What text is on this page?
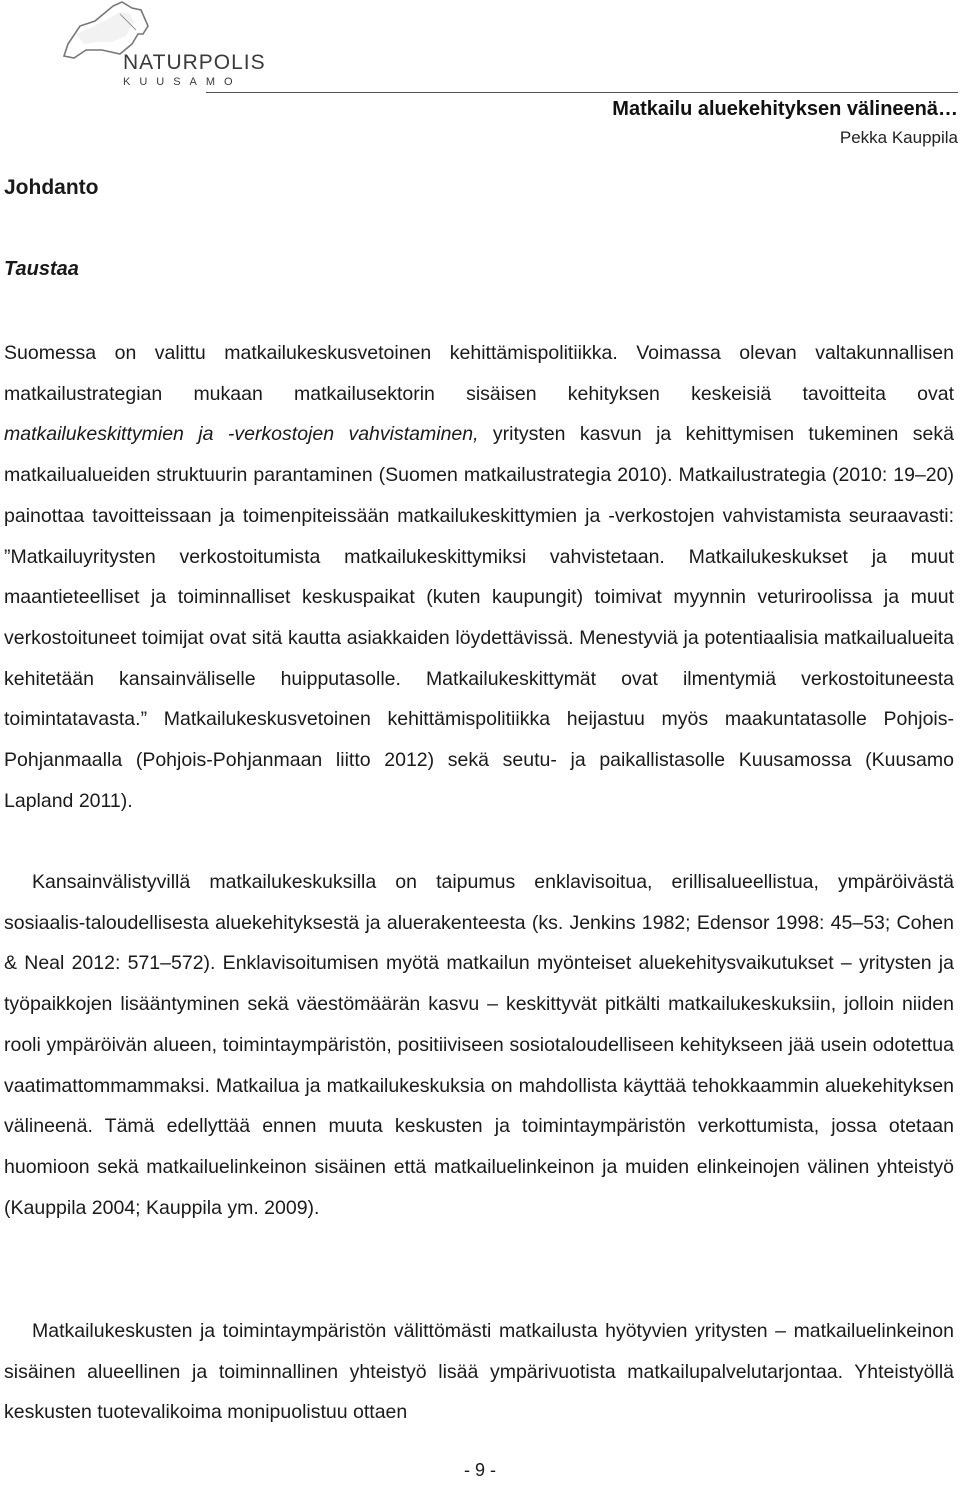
NATURPOLIS
KUUSAMO
Matkailu aluekehityksen välineenä…
Pekka Kauppila
Johdanto
Taustaa

Suomessa on valittu matkailukeskusvetoinen kehittämispolitiikka. Voimassa olevan valtakunnallisen matkailustrategian mukaan matkailusektorin sisäisen kehityksen keskeisiä tavoitteita ovat matkailukeskittymien ja -verkostojen vahvistaminen, yritysten kasvun ja kehittymisen tukeminen sekä matkailualueiden struktuurin parantaminen (Suomen matkailustrategia 2010). Matkailustrategia (2010: 19–20) painottaa tavoitteissaan ja toimenpiteissään matkailukeskittymien ja -verkostojen vahvistamista seuraavasti: ”Matkailuyritysten verkostoitumista matkailukeskittymiksi vahvistetaan. Matkailukeskukset ja muut maantieteelliset ja toiminnalliset keskuspaikat (kuten kaupungit) toimivat myynnin veturiroolissa ja muut verkostoituneet toimijat ovat sitä kautta asiakkaiden löydettävissä. Menestyviä ja potentiaalisia matkailualueita kehitetään kansainväliselle huipputasolle. Matkailukeskittymät ovat ilmentymiä verkostoituneesta toimintatavasta.” Matkailukeskusvetoinen kehittämispolitiikka heijastuu myös maakuntatasolle Pohjois-Pohjanmaalla (Pohjois-Pohjanmaan liitto 2012) sekä seutu- ja paikallistasolle Kuusamossa (Kuusamo Lapland 2011).

Kansainvälistyvillä matkailukeskuksilla on taipumus enklavisoitua, erillisalueellistua, ympäröivästä sosiaalis-taloudellisesta aluekehityksestä ja aluerakenteesta (ks. Jenkins 1982; Edensor 1998: 45–53; Cohen & Neal 2012: 571–572). Enklavisoitumisen myötä matkailun myönteiset aluekehitysvaikutukset – yritysten ja työpaikkojen lisääntyminen sekä väestömäärän kasvu – keskittyvät pitkälti matkailukeskuksiin, jolloin niiden rooli ympäröivän alueen, toimintaympäristön, positiiviseen sosiotaloudelliseen kehitykseen jää usein odotettua vaatimattommammaksi. Matkailua ja matkailukeskuksia on mahdollista käyttää tehokkaammin aluekehityksen välineenä. Tämä edellyttää ennen muuta keskusten ja toimintaympäristön verkottumista, jossa otetaan huomioon sekä matkailuelinkeinon sisäinen että matkailuelinkeinon ja muiden elinkeinojen välinen yhteistyö (Kauppila 2004; Kauppila ym. 2009).

Matkailukeskusten ja toimintaympäristön välittömästi matkailusta hyötyvien yritysten – matkailuelinkeinon sisäinen alueellinen ja toiminnallinen yhteistyö lisää ympärivuotista matkailupalvelutarjontaa. Yhteistyöllä keskusten tuotevalikoima monipuolistuu ottaen

- 9 -
